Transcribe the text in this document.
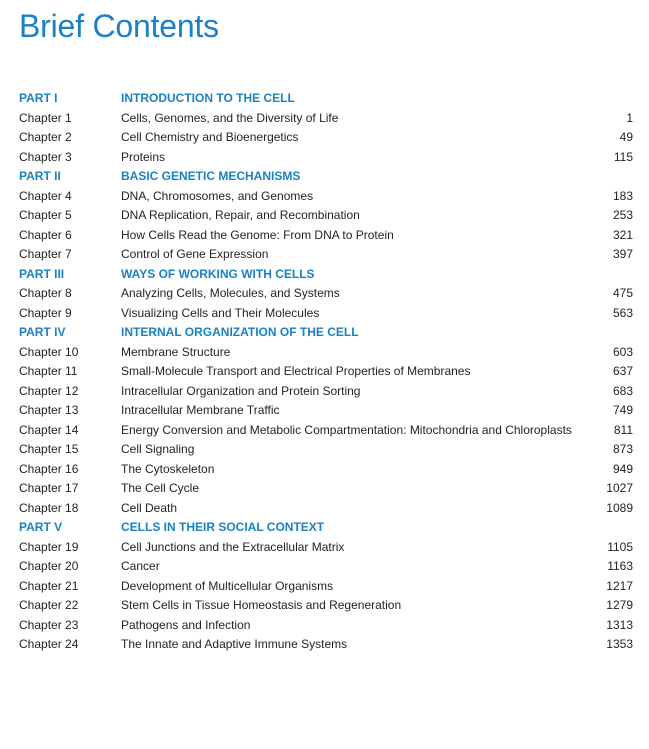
Brief Contents
PART I	INTRODUCTION TO THE CELL
Chapter 1	Cells, Genomes, and the Diversity of Life	1
Chapter 2	Cell Chemistry and Bioenergetics	49
Chapter 3	Proteins	115
PART II	BASIC GENETIC MECHANISMS
Chapter 4	DNA, Chromosomes, and Genomes	183
Chapter 5	DNA Replication, Repair, and Recombination	253
Chapter 6	How Cells Read the Genome: From DNA to Protein	321
Chapter 7	Control of Gene Expression	397
PART III	WAYS OF WORKING WITH CELLS
Chapter 8	Analyzing Cells, Molecules, and Systems	475
Chapter 9	Visualizing Cells and Their Molecules	563
PART IV	INTERNAL ORGANIZATION OF THE CELL
Chapter 10	Membrane Structure	603
Chapter 11	Small-Molecule Transport and Electrical Properties of Membranes	637
Chapter 12	Intracellular Organization and Protein Sorting	683
Chapter 13	Intracellular Membrane Traffic	749
Chapter 14	Energy Conversion and Metabolic Compartmentation: Mitochondria and Chloroplasts	811
Chapter 15	Cell Signaling	873
Chapter 16	The Cytoskeleton	949
Chapter 17	The Cell Cycle	1027
Chapter 18	Cell Death	1089
PART V	CELLS IN THEIR SOCIAL CONTEXT
Chapter 19	Cell Junctions and the Extracellular Matrix	1105
Chapter 20	Cancer	1163
Chapter 21	Development of Multicellular Organisms	1217
Chapter 22	Stem Cells in Tissue Homeostasis and Regeneration	1279
Chapter 23	Pathogens and Infection	1313
Chapter 24	The Innate and Adaptive Immune Systems	1353
